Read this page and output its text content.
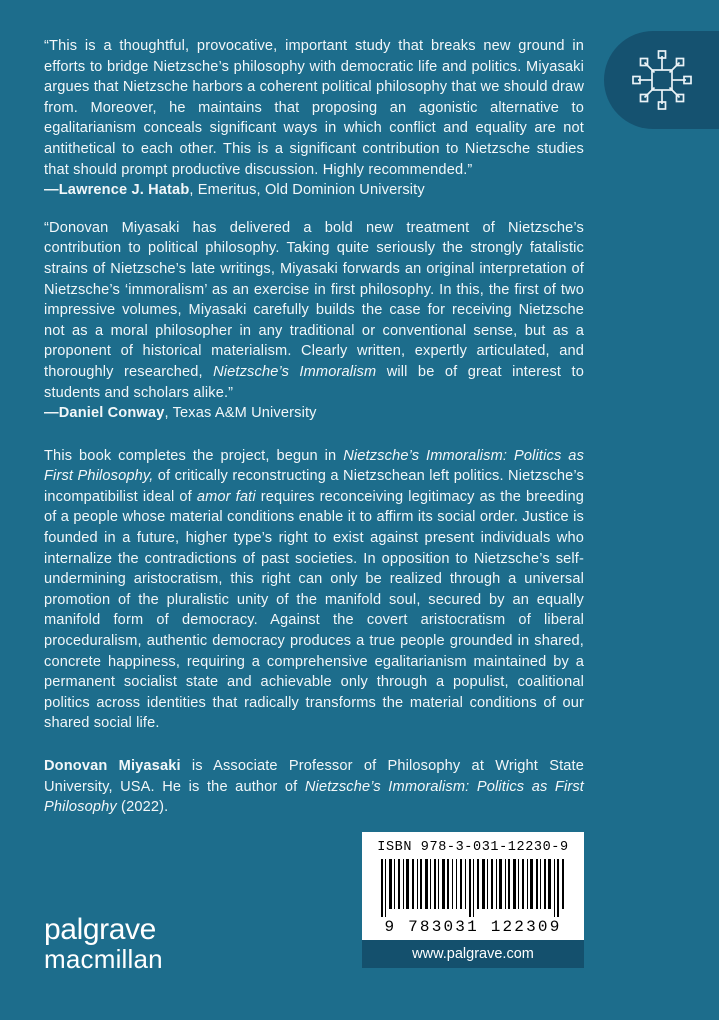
“This is a thoughtful, provocative, important study that breaks new ground in efforts to bridge Nietzsche’s philosophy with democratic life and politics. Miyasaki argues that Nietzsche harbors a coherent political philosophy that we should draw from. Moreover, he maintains that proposing an agonistic alternative to egalitarianism conceals significant ways in which conflict and equality are not antithetical to each other. This is a significant contribution to Nietzsche studies that should prompt productive discussion. Highly recommended.”
—Lawrence J. Hatab, Emeritus, Old Dominion University
“Donovan Miyasaki has delivered a bold new treatment of Nietzsche’s contribution to political philosophy. Taking quite seriously the strongly fatalistic strains of Nietzsche’s late writings, Miyasaki forwards an original interpretation of Nietzsche’s ‘immoralism’ as an exercise in first philosophy. In this, the first of two impressive volumes, Miyasaki carefully builds the case for receiving Nietzsche not as a moral philosopher in any traditional or conventional sense, but as a proponent of historical materialism. Clearly written, expertly articulated, and thoroughly researched, Nietzsche’s Immoralism will be of great interest to students and scholars alike.”
—Daniel Conway, Texas A&M University

This book completes the project, begun in Nietzsche’s Immoralism: Politics as First Philosophy, of critically reconstructing a Nietzschean left politics. Nietzsche’s incompatibilist ideal of amor fati requires reconceiving legitimacy as the breeding of a people whose material conditions enable it to affirm its social order. Justice is founded in a future, higher type’s right to exist against present individuals who internalize the contradictions of past societies. In opposition to Nietzsche’s self-undermining aristocratism, this right can only be realized through a universal promotion of the pluralistic unity of the manifold soul, secured by an equally manifold form of democracy. Against the covert aristocratism of liberal proceduralism, authentic democracy produces a true people grounded in shared, concrete happiness, requiring a comprehensive egalitarianism maintained by a permanent socialist state and achievable only through a populist, coalitional politics across identities that radically transforms the material conditions of our shared social life.

Donovan Miyasaki is Associate Professor of Philosophy at Wright State University, USA. He is the author of Nietzsche’s Immoralism: Politics as First Philosophy (2022).

ISBN 978-3-031-12230-9
9 783031 122309
www.palgrave.com
palgrave
macmillan
